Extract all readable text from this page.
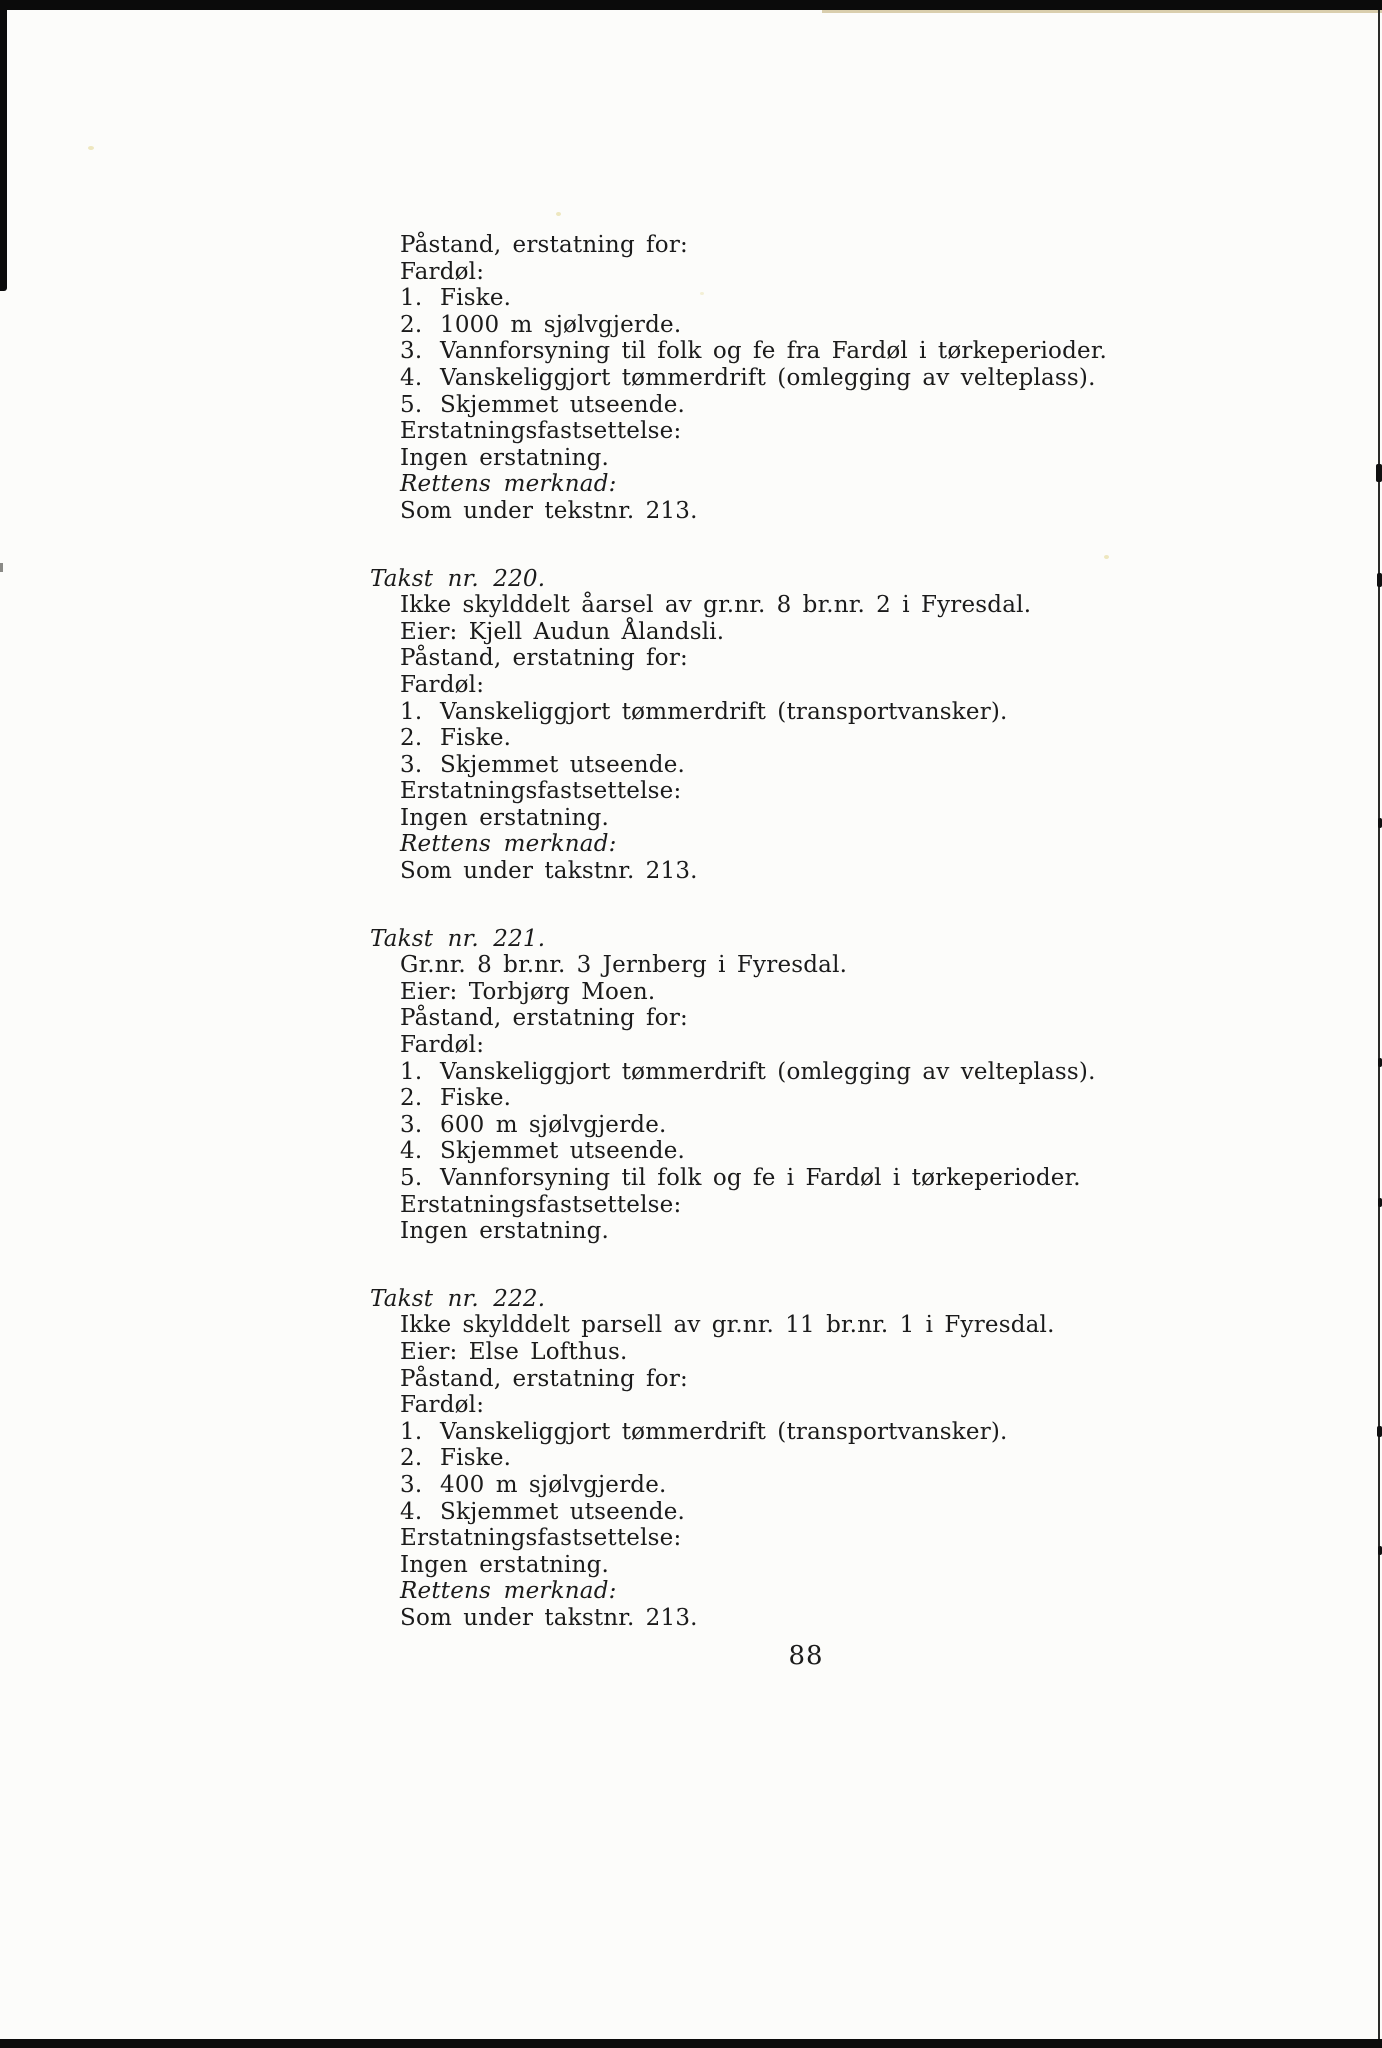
Påstand, erstatning for:

Fardøl:

1. Fiske.

2. 1000 m sjølvgjerde.

3. Vannforsyning til folk og fe fra Fardøl i tørkeperioder.

4. Vanskeliggjort tømmerdrift (omlegging av velteplass).

5. Skjemmet utseende.

Erstatningsfastsettelse:

Ingen erstatning.

Rettens merknad:

Som under tekstnr. 213.

Takst nr. 220.

Ikke skylddelt åarsel av gr.nr. 8 br.nr. 2 i Fyresdal.

Eier: Kjell Audun Ålandsli.

Påstand, erstatning for:

Fardøl:

1. Vanskeliggjort tømmerdrift (transportvansker).

2. Fiske.

3. Skjemmet utseende.

Erstatningsfastsettelse:

Ingen erstatning.

Rettens merknad:

Som under takstnr. 213.

Takst nr. 221.

Gr.nr. 8 br.nr. 3 Jernberg i Fyresdal.

Eier: Torbjørg Moen.

Påstand, erstatning for:

Fardøl:

1. Vanskeliggjort tømmerdrift (omlegging av velteplass).

2. Fiske.

3. 600 m sjølvgjerde.

4. Skjemmet utseende.

5. Vannforsyning til folk og fe i Fardøl i tørkeperioder.

Erstatningsfastsettelse:

Ingen erstatning.

Takst nr. 222.

Ikke skylddelt parsell av gr.nr. 11 br.nr. 1 i Fyresdal.

Eier: Else Lofthus.

Påstand, erstatning for:

Fardøl:

1. Vanskeliggjort tømmerdrift (transportvansker).

2. Fiske.

3. 400 m sjølvgjerde.

4. Skjemmet utseende.

Erstatningsfastsettelse:

Ingen erstatning.

Rettens merknad:

Som under takstnr. 213.

88
